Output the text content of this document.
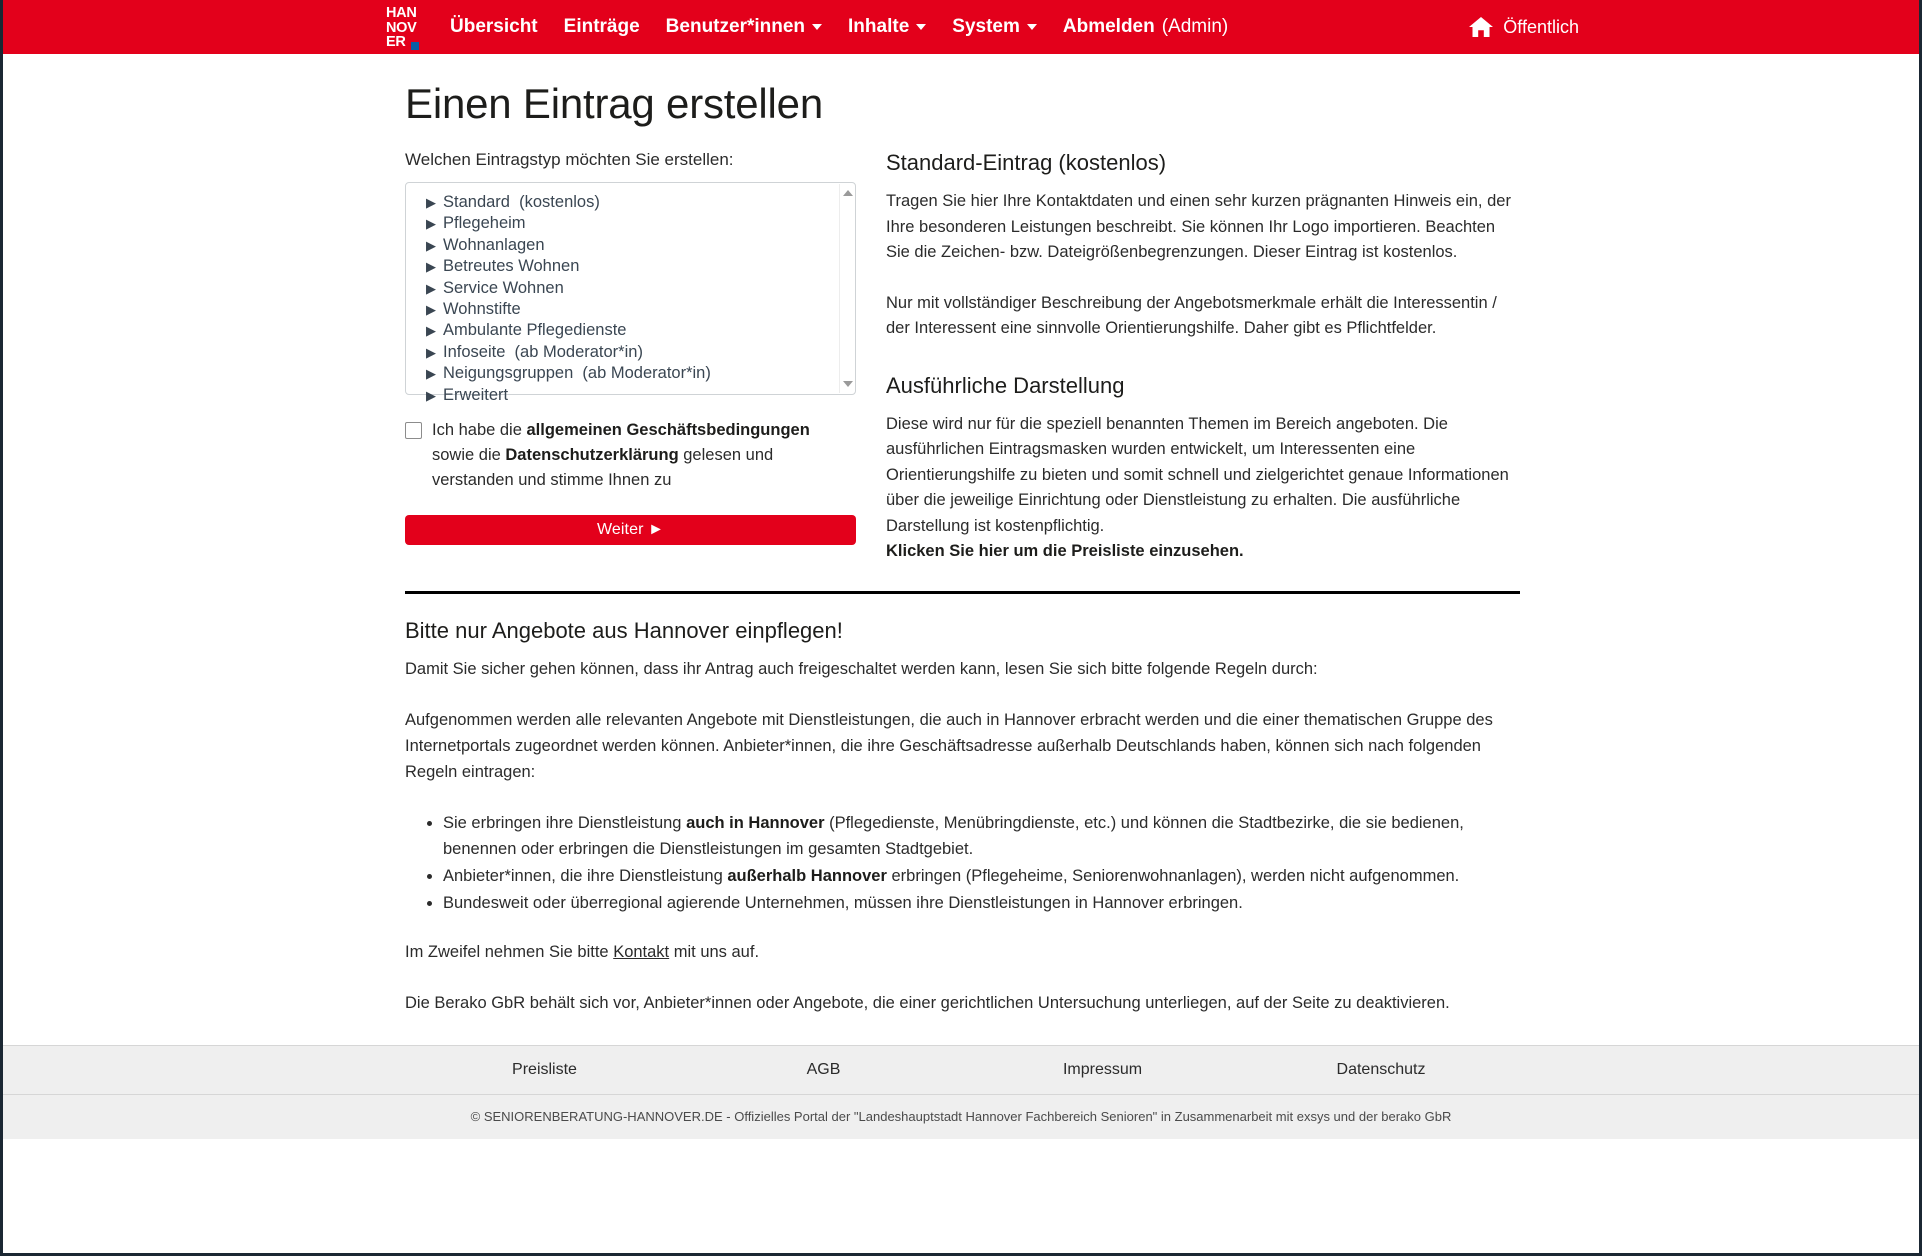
HAN
NOV
ER
Übersicht Einträge Benutzer*innen Inhalte System Abmelden (Admin)	Öffentlich
Einen Eintrag erstellen
Welchen Eintragstyp möchten Sie erstellen:
▶ Standard  (kostenlos)
▶ Pflegeheim
▶ Wohnanlagen
▶ Betreutes Wohnen
▶ Service Wohnen
▶ Wohnstifte
▶ Ambulante Pflegedienste
▶ Infoseite  (ab Moderator*in)
▶ Neigungsgruppen  (ab Moderator*in)
▶ Erweitert
Ich habe die allgemeinen Geschäftsbedingungen sowie die Datenschutzerklärung gelesen und verstanden und stimme Ihnen zu
Weiter ►
Standard-Eintrag (kostenlos)

Tragen Sie hier Ihre Kontaktdaten und einen sehr kurzen prägnanten Hinweis ein, der Ihre besonderen Leistungen beschreibt. Sie können Ihr Logo importieren. Beachten Sie die Zeichen- bzw. Dateigrößenbegrenzungen. Dieser Eintrag ist kostenlos.

Nur mit vollständiger Beschreibung der Angebotsmerkmale erhält die Interessentin / der Interessent eine sinnvolle Orientierungshilfe. Daher gibt es Pflichtfelder.

Ausführliche Darstellung

Diese wird nur für die speziell benannten Themen im Bereich angeboten. Die ausführlichen Eintragsmasken wurden entwickelt, um Interessenten eine Orientierungshilfe zu bieten und somit schnell und zielgerichtet genaue Informationen über die jeweilige Einrichtung oder Dienstleistung zu erhalten. Die ausführliche Darstellung ist kostenpflichtig.

Klicken Sie hier um die Preisliste einzusehen.

Bitte nur Angebote aus Hannover einpflegen!

Damit Sie sicher gehen können, dass ihr Antrag auch freigeschaltet werden kann, lesen Sie sich bitte folgende Regeln durch:

Aufgenommen werden alle relevanten Angebote mit Dienstleistungen, die auch in Hannover erbracht werden und die einer thematischen Gruppe des Internetportals zugeordnet werden können. Anbieter*innen, die ihre Geschäftsadresse außerhalb Deutschlands haben, können sich nach folgenden Regeln eintragen:

• Sie erbringen ihre Dienstleistung auch in Hannover (Pflegedienste, Menübringdienste, etc.) und können die Stadtbezirke, die sie bedienen, benennen oder erbringen die Dienstleistungen im gesamten Stadtgebiet.
• Anbieter*innen, die ihre Dienstleistung außerhalb Hannover erbringen (Pflegeheime, Seniorenwohnanlagen), werden nicht aufgenommen.
• Bundesweit oder überregional agierende Unternehmen, müssen ihre Dienstleistungen in Hannover erbringen.

Im Zweifel nehmen Sie bitte Kontakt mit uns auf.

Die Berako GbR behält sich vor, Anbieter*innen oder Angebote, die einer gerichtlichen Untersuchung unterliegen, auf der Seite zu deaktivieren.

Preisliste	AGB	Impressum	Datenschutz
© SENIORENBERATUNG-HANNOVER.DE - Offizielles Portal der "Landeshauptstadt Hannover Fachbereich Senioren" in Zusammenarbeit mit exsys und der berako GbR
